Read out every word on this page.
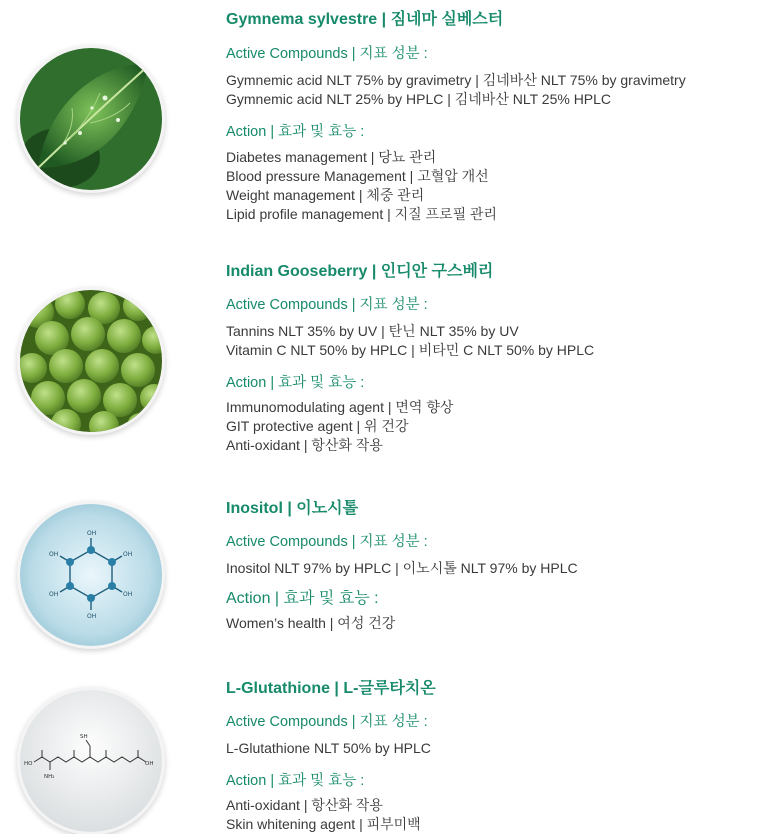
Gymnema sylvestre | 짐네마 실베스터
Active Compounds | 지표 성분 :
Gymnemic acid NLT 75% by gravimetry | 김네바산 NLT 75% by gravimetry
Gymnemic acid NLT 25% by HPLC | 김네바산 NLT 25% HPLC
Action | 효과 및 효능 :
Diabetes management | 당뇨 관리
Blood pressure Management | 고혈압 개선
Weight management | 체중 관리
Lipid profile management | 지질 프로필 관리
Indian Gooseberry | 인디안 구스베리
Active Compounds | 지표 성분 :
Tannins NLT 35% by UV | 탄닌 NLT 35% by UV
Vitamin C NLT 50% by HPLC | 비타민 C NLT 50% by HPLC
Action | 효과 및 효능 :
Immunomodulating agent | 면역 향상
GIT protective agent | 위 건강
Anti-oxidant | 항산화 작용
OH
OH
OH
OH
OH
OH
Inositol | 이노시톨
Active Compounds | 지표 성분 :
Inositol NLT 97% by HPLC | 이노시톨 NLT 97% by HPLC
Action | 효과 및 효능 :
Women’s health | 여성 건강
HO
NH₂
SH
OH
L-Glutathione | L-글루타치온
Active Compounds | 지표 성분 :
L-Glutathione NLT 50% by HPLC
Action | 효과 및 효능 :
Anti-oxidant | 항산화 작용
Skin whitening agent | 피부미백
